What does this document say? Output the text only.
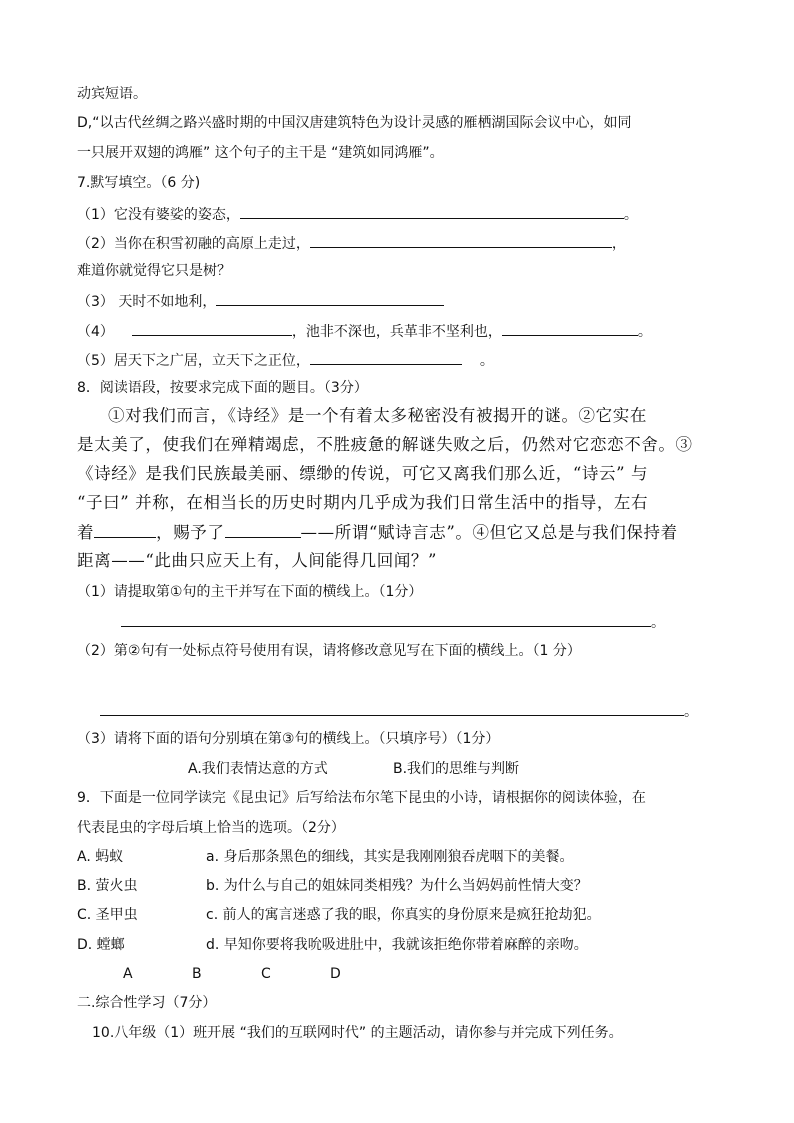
动宾短语。
D,“以古代丝绸之路兴盛时期的中国汉唐建筑特色为设计灵感的雁栖湖国际会议中心，如同
一只展开双翅的鸿雁” 这个句子的主干是 “建筑如同鸿雁”。
7.默写填空。（6 分)
（1）它没有婆娑的姿态，	。
（2）当你在积雪初融的高原上走过，	，
难道你就觉得它只是树？
（3） 天时不如地利，
（4）	，池非不深也，兵革非不坚利也，	。
（5）居天下之广居，立天下之正位，	。
8．阅读语段，按要求完成下面的题目。（3分）
①对我们而言，《诗经》是一个有着太多秘密没有被揭开的谜。②它实在
是太美了，使我们在殚精竭虑，不胜疲惫的解谜失败之后，仍然对它恋恋不舍。③
《诗经》是我们民族最美丽、缥缈的传说，可它又离我们那么近，“诗云” 与
“子曰” 并称，在相当长的历史时期内几乎成为我们日常生活中的指导，左右
着	，赐予了	——所谓“赋诗言志”。④但它又总是与我们保持着
距离——“此曲只应天上有，人间能得几回闻？”
（1）请提取第①句的主干并写在下面的横线上。（1分）
。
（2）第②句有一处标点符号使用有误，请将修改意见写在下面的横线上。（1 分）
。
（3）请将下面的语句分别填在第③句的横线上。（只填序号）（1分）
A.我们表情达意的方式	B.我们的思维与判断
9．下面是一位同学读完《昆虫记》后写给法布尔笔下昆虫的小诗，请根据你的阅读体验，在
代表昆虫的字母后填上恰当的选项。（2分）
A. 蚂蚁	a. 身后那条黑色的细线，其实是我刚刚狼吞虎咽下的美餐。
B. 萤火虫	b. 为什么与自己的姐妹同类相残？为什么当妈妈前性情大变？
C. 圣甲虫	c. 前人的寓言迷惑了我的眼，你真实的身份原来是疯狂抢劫犯。
D. 螳螂	d. 早知你要将我吮吸进肚中，我就该拒绝你带着麻醉的亲吻。
A	B	C	D
二.综合性学习（7分）
10.八年级（1）班开展 “我们的互联网时代” 的主题活动，请你参与并完成下列任务。
